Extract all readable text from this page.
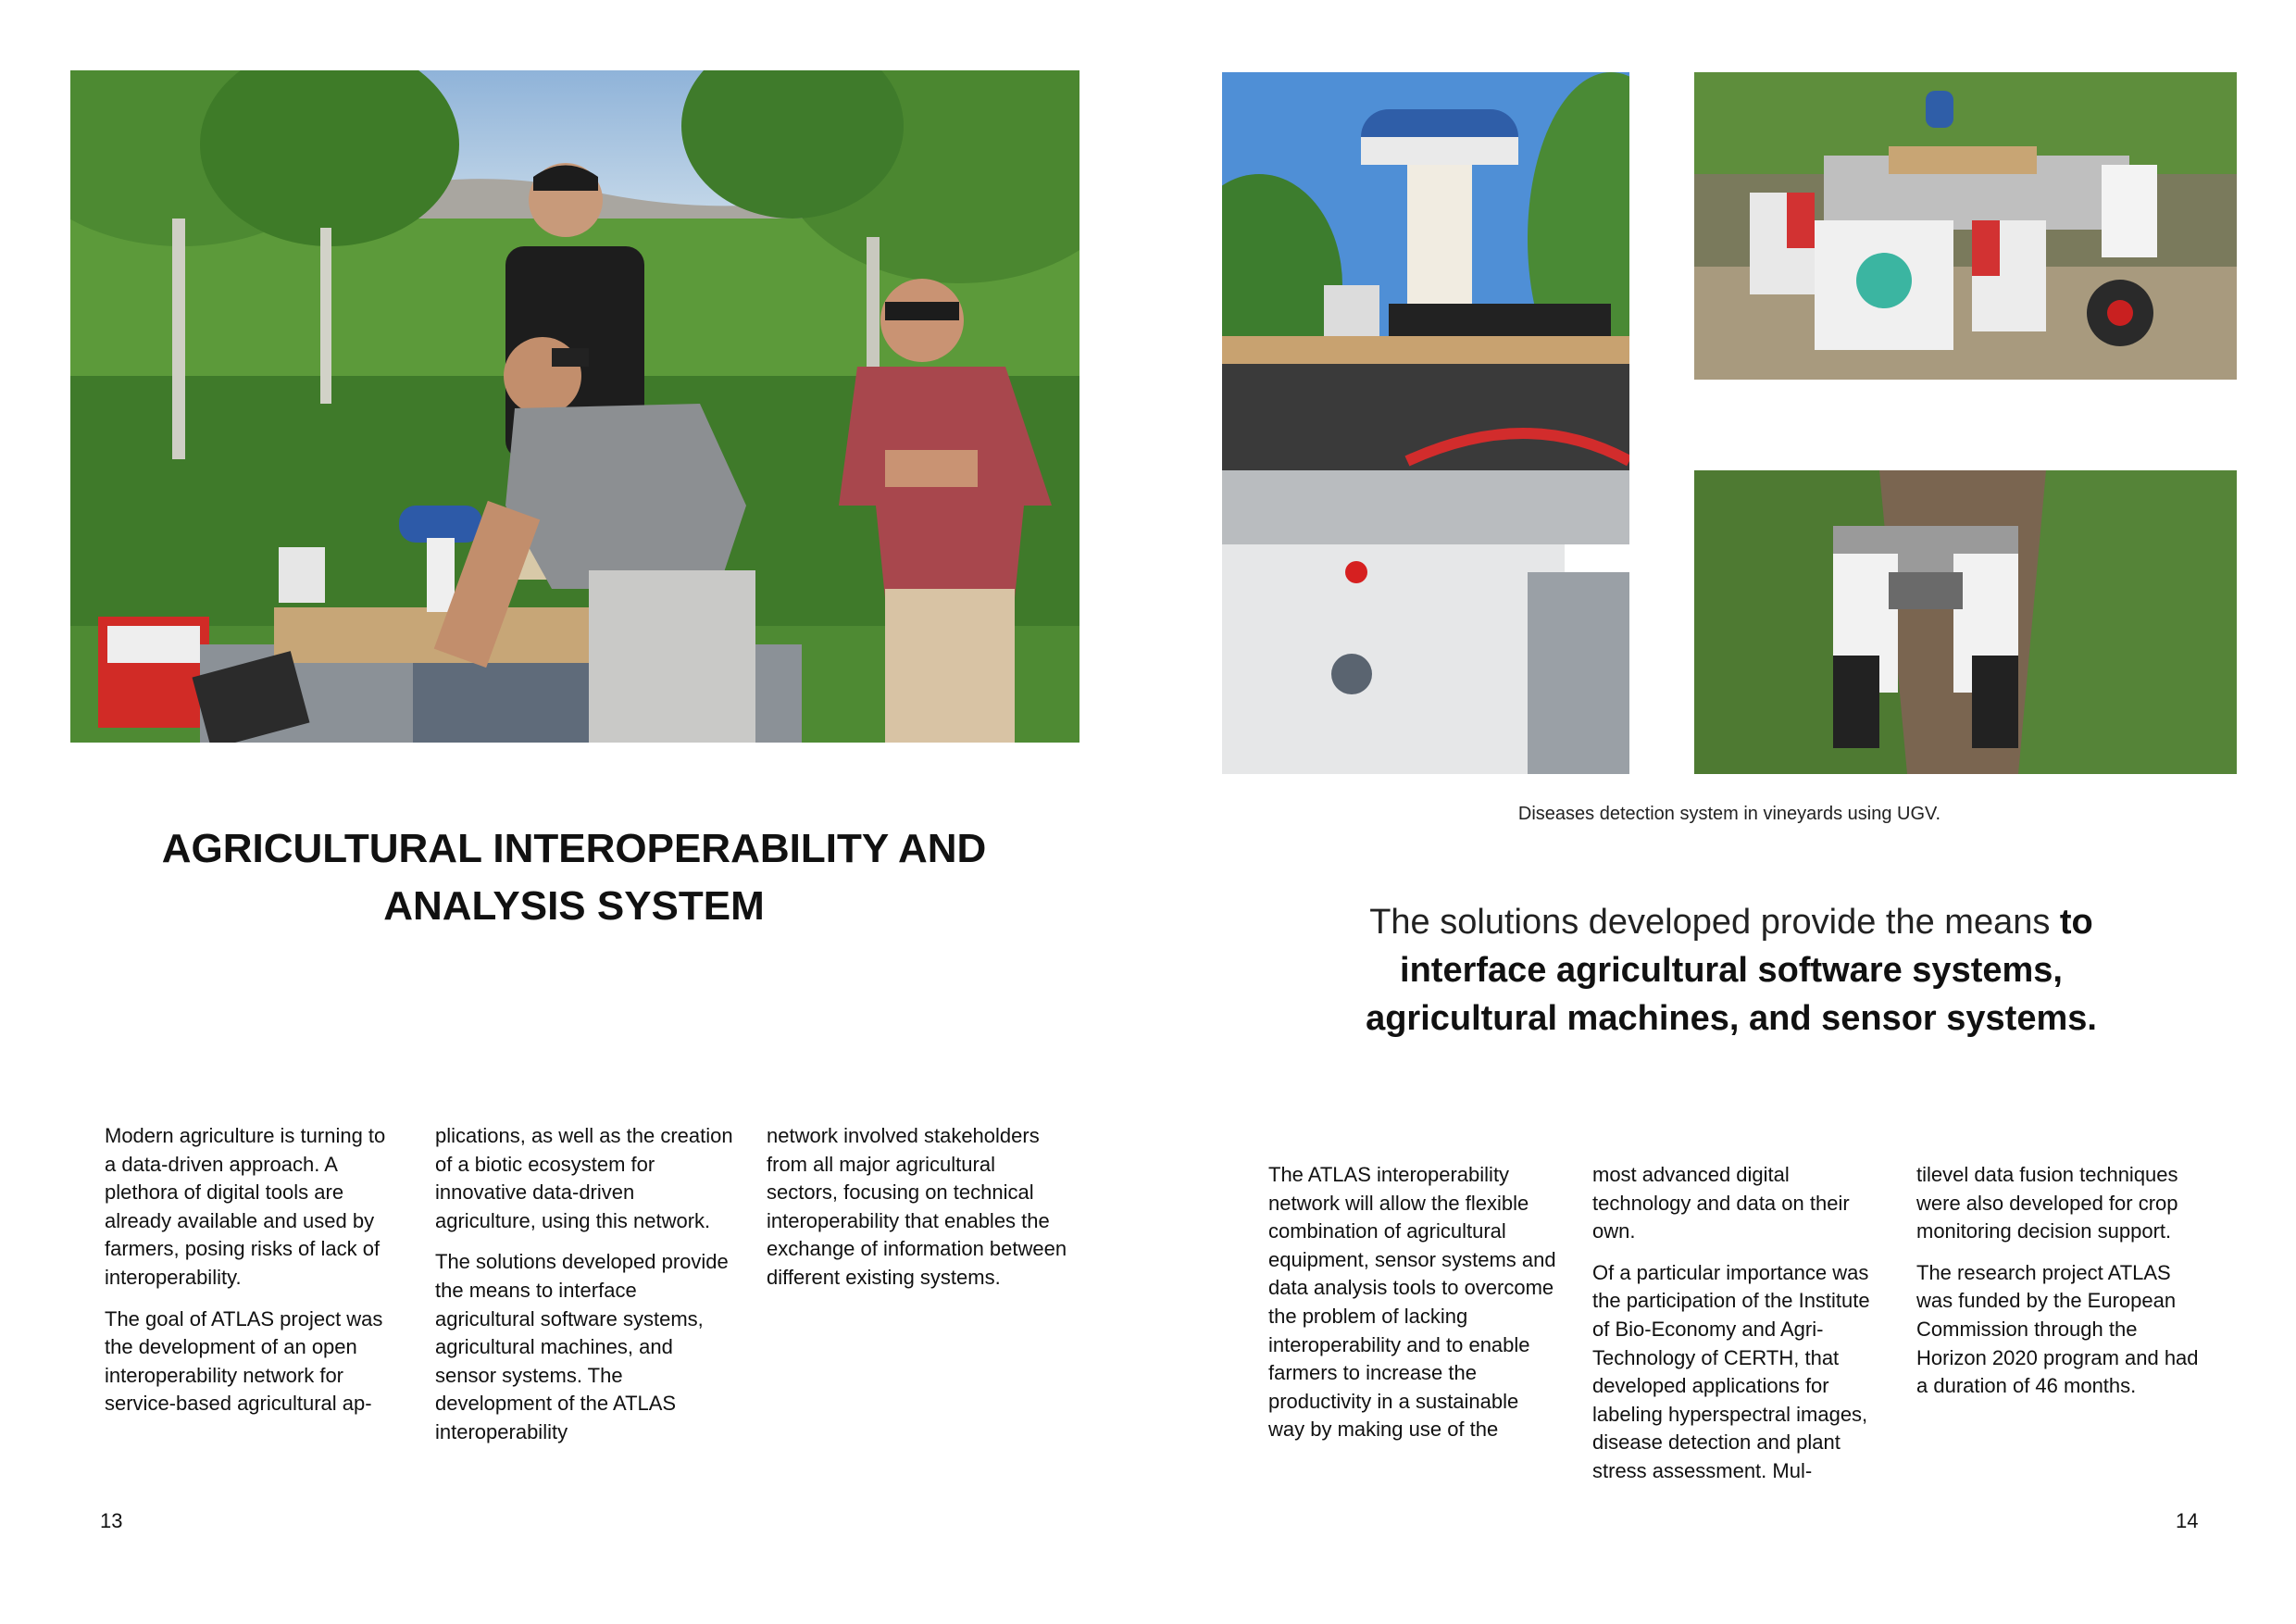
Diseases detection system in vineyards using UGV.
AGRICULTURAL INTEROPERABILITY AND
ANALYSIS SYSTEM	The solutions developed provide the means to interface agricultural software systems, agricultural machines, and sensor systems.

Modern agriculture is turning to a data-driven approach. A plethora of digital tools are already available and used by farmers, posing risks of lack of interoperability.

The goal of ATLAS project was the development of an open interoperability network for service-based agricultural ap-

plications, as well as the creation of a biotic ecosystem for innovative data-driven agriculture, using this network.

The solutions developed provide the means to interface agricultural software systems, agricultural machines, and sensor systems. The development of the ATLAS interoperability

network involved stakeholders from all major agricultural sectors, focusing on technical interoperability that enables the exchange of information between different existing systems.

The ATLAS interoperability network will allow the flexible combination of agricultural equipment, sensor systems and data analysis tools to overcome the problem of lacking interoperability and to enable farmers to increase the productivity in a sustainable way by making use of the

most advanced digital technology and data on their own.

Of a particular importance was the participation of the Institute of Bio-Economy and Agri-Technology of CERTH, that developed applications for labeling hyperspectral images, disease detection and plant stress assessment. Mul-

tilevel data fusion techniques were also developed for crop monitoring decision support.

The research project ATLAS was funded by the European Commission through the Horizon 2020 program and had a duration of 46 months.

13	14
